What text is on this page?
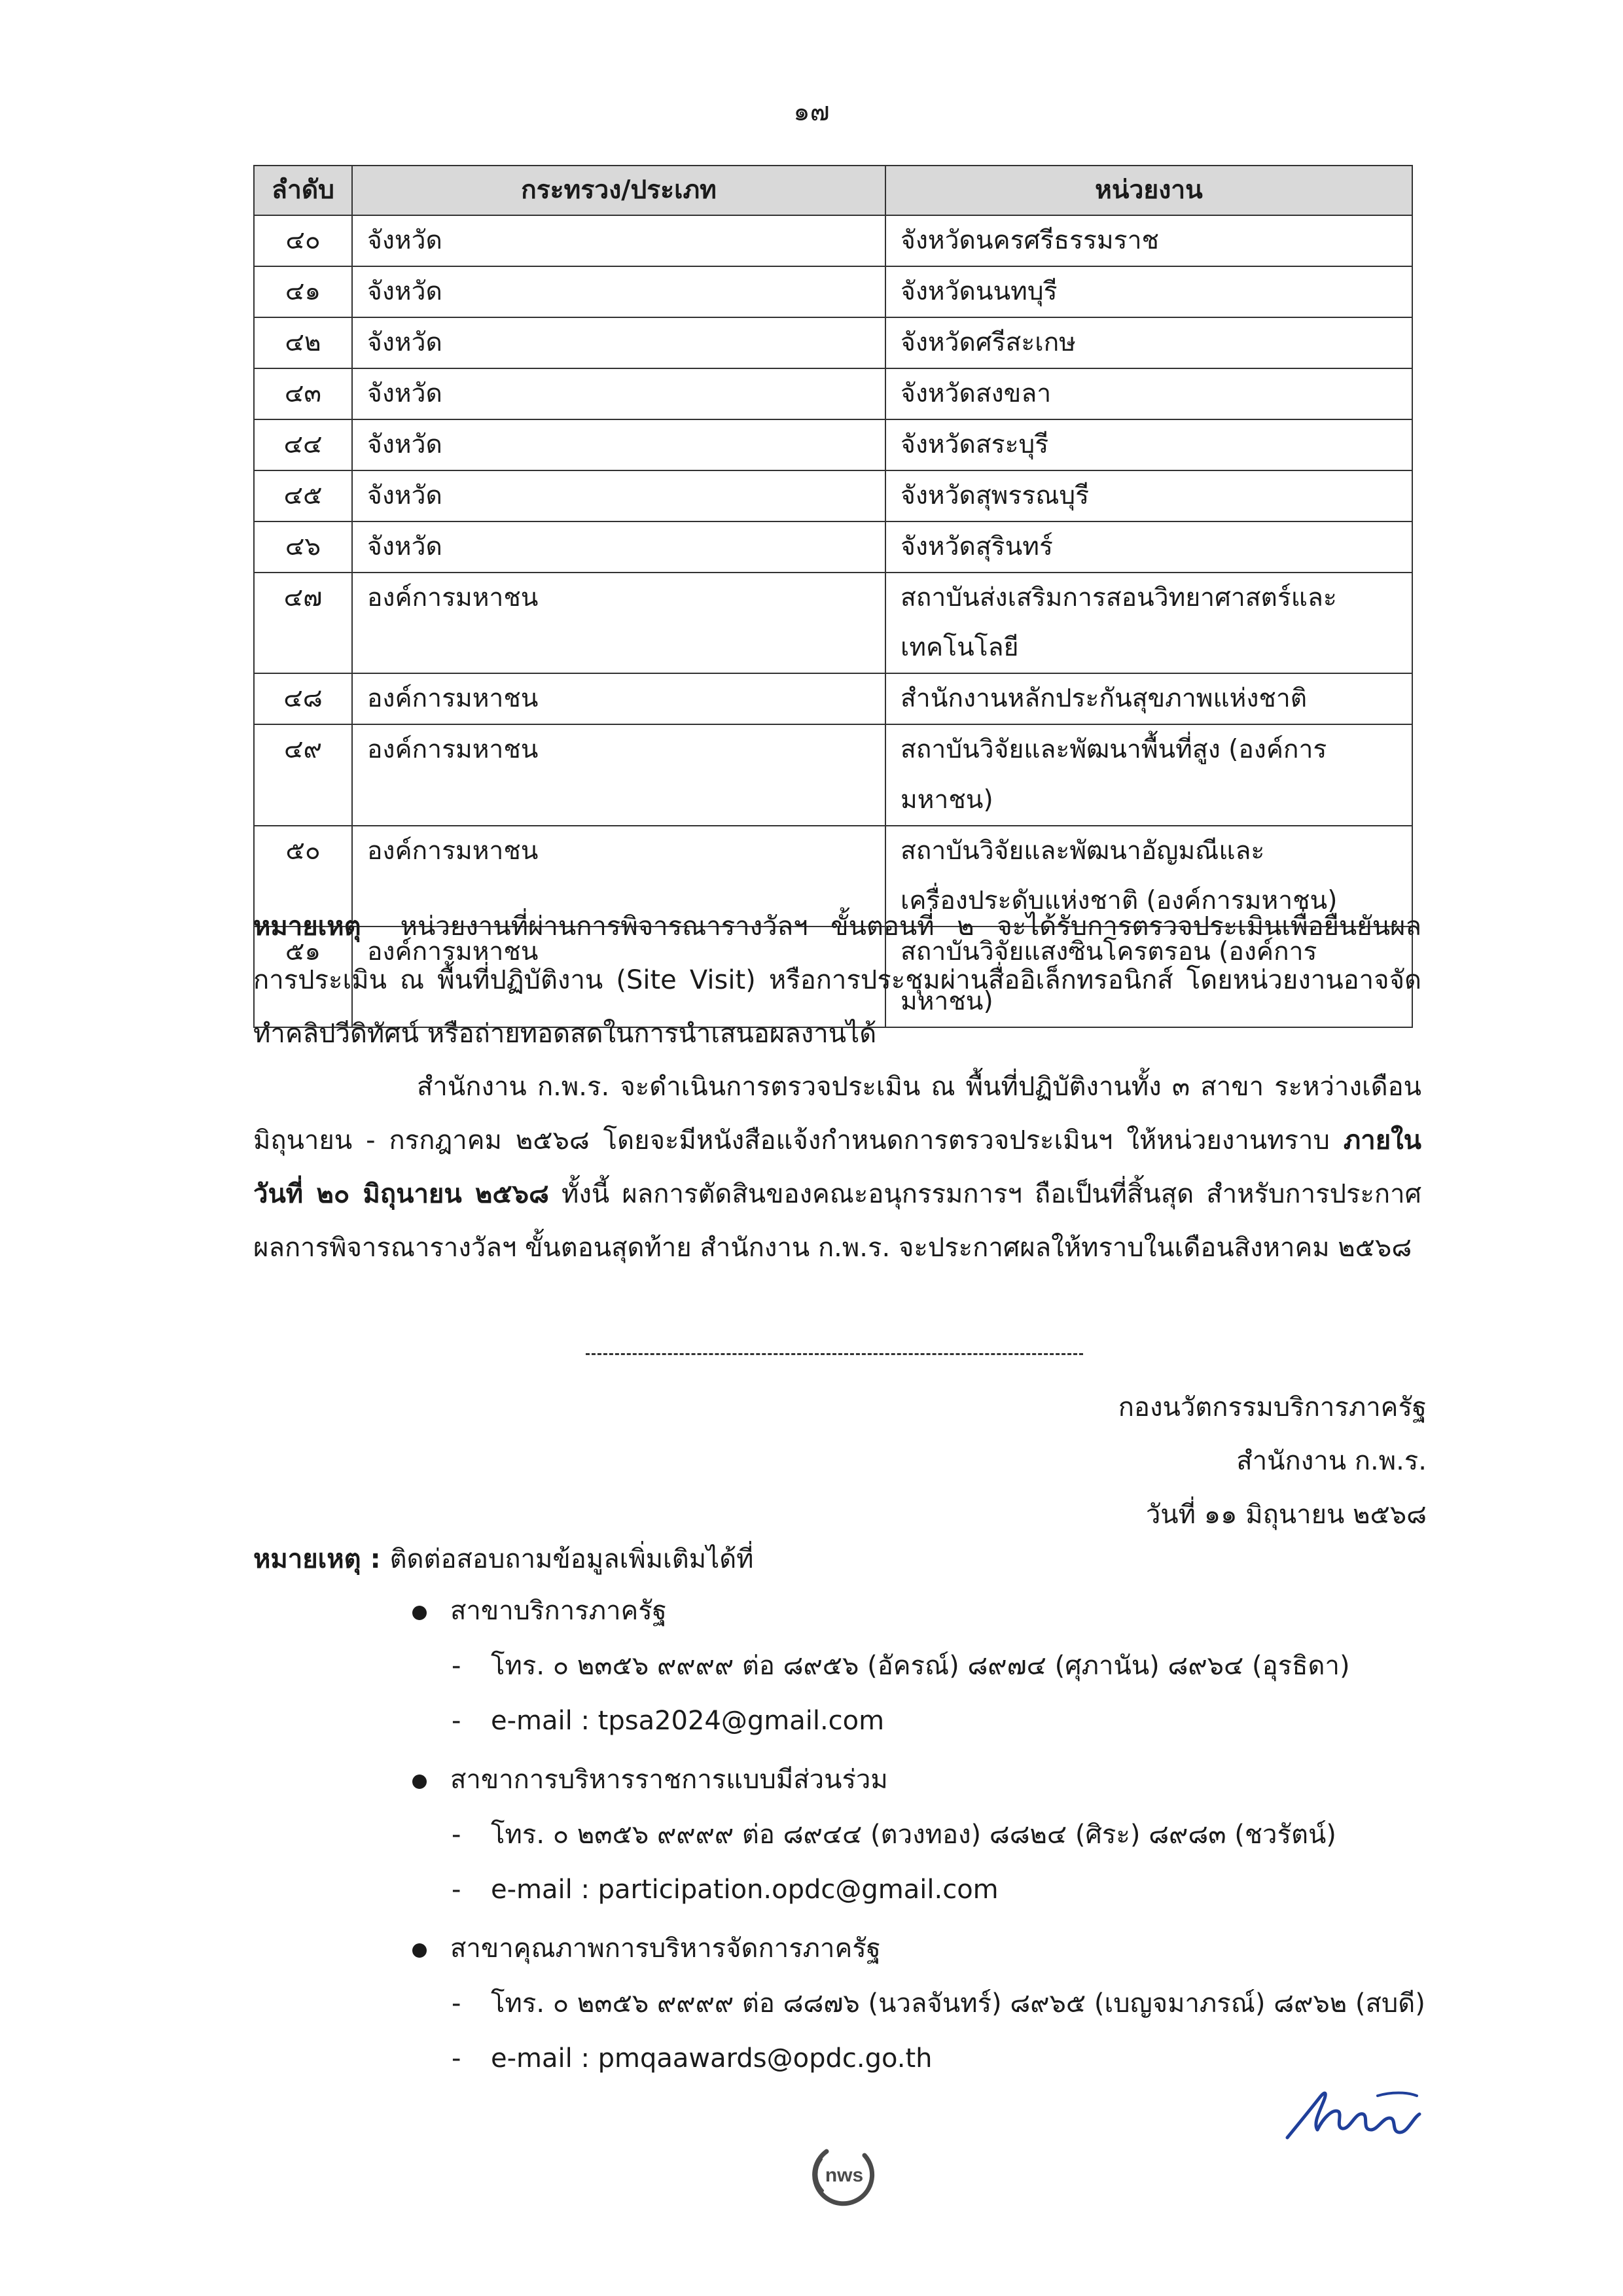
๑๗
ลำดับ	กระทรวง/ประเภท	หน่วยงาน
๔๐	จังหวัด	จังหวัดนครศรีธรรมราช
๔๑	จังหวัด	จังหวัดนนทบุรี
๔๒	จังหวัด	จังหวัดศรีสะเกษ
๔๓	จังหวัด	จังหวัดสงขลา
๔๔	จังหวัด	จังหวัดสระบุรี
๔๕	จังหวัด	จังหวัดสุพรรณบุรี
๔๖	จังหวัด	จังหวัดสุรินทร์
๔๗	องค์การมหาชน	สถาบันส่งเสริมการสอนวิทยาศาสตร์และเทคโนโลยี
๔๘	องค์การมหาชน	สำนักงานหลักประกันสุขภาพแห่งชาติ
๔๙	องค์การมหาชน	สถาบันวิจัยและพัฒนาพื้นที่สูง (องค์การมหาชน)
๕๐	องค์การมหาชน	สถาบันวิจัยและพัฒนาอัญมณีและ
เครื่องประดับแห่งชาติ (องค์การมหาชน)
๕๑	องค์การมหาชน	สถาบันวิจัยแสงซินโครตรอน (องค์การมหาชน)
หมายเหตุ หน่วยงานที่ผ่านการพิจารณารางวัลฯ ขั้นตอนที่ ๒ จะได้รับการตรวจประเมินเพื่อยืนยันผลการประเมิน ณ พื้นที่ปฏิบัติงาน (Site Visit) หรือการประชุมผ่านสื่ออิเล็กทรอนิกส์ โดยหน่วยงานอาจจัดทำคลิปวีดิทัศน์ หรือถ่ายทอดสดในการนำเสนอผลงานได้
สำนักงาน ก.พ.ร. จะดำเนินการตรวจประเมิน ณ พื้นที่ปฏิบัติงานทั้ง ๓ สาขา ระหว่างเดือนมิถุนายน - กรกฎาคม ๒๕๖๘ โดยจะมีหนังสือแจ้งกำหนดการตรวจประเมินฯ ให้หน่วยงานทราบ ภายในวันที่ ๒๐ มิถุนายน ๒๕๖๘ ทั้งนี้ ผลการตัดสินของคณะอนุกรรมการฯ ถือเป็นที่สิ้นสุด สำหรับการประกาศผลการพิจารณารางวัลฯ ขั้นตอนสุดท้าย สำนักงาน ก.พ.ร. จะประกาศผลให้ทราบในเดือนสิงหาคม ๒๕๖๘
กองนวัตกรรมบริการภาครัฐ
สำนักงาน ก.พ.ร.
วันที่ ๑๑ มิถุนายน ๒๕๖๘
หมายเหตุ : ติดต่อสอบถามข้อมูลเพิ่มเติมได้ที่
สาขาบริการภาครัฐ
- โทร. ๐ ๒๓๕๖ ๙๙๙๙ ต่อ ๘๙๕๖ (อัครณ์) ๘๙๗๔ (ศุภานัน) ๘๙๖๔ (อุรธิดา)
- e-mail : tpsa2024@gmail.com
สาขาการบริหารราชการแบบมีส่วนร่วม
- โทร. ๐ ๒๓๕๖ ๙๙๙๙ ต่อ ๘๙๔๔ (ตวงทอง) ๘๘๒๔ (ศิระ) ๘๙๘๓ (ชวรัตน์)
- e-mail : participation.opdc@gmail.com
สาขาคุณภาพการบริหารจัดการภาครัฐ
- โทร. ๐ ๒๓๕๖ ๙๙๙๙ ต่อ ๘๘๗๖ (นวลจันทร์) ๘๙๖๕ (เบญจมาภรณ์) ๘๙๖๒ (สบดี)
- e-mail : pmqaawards@opdc.go.th
nws
